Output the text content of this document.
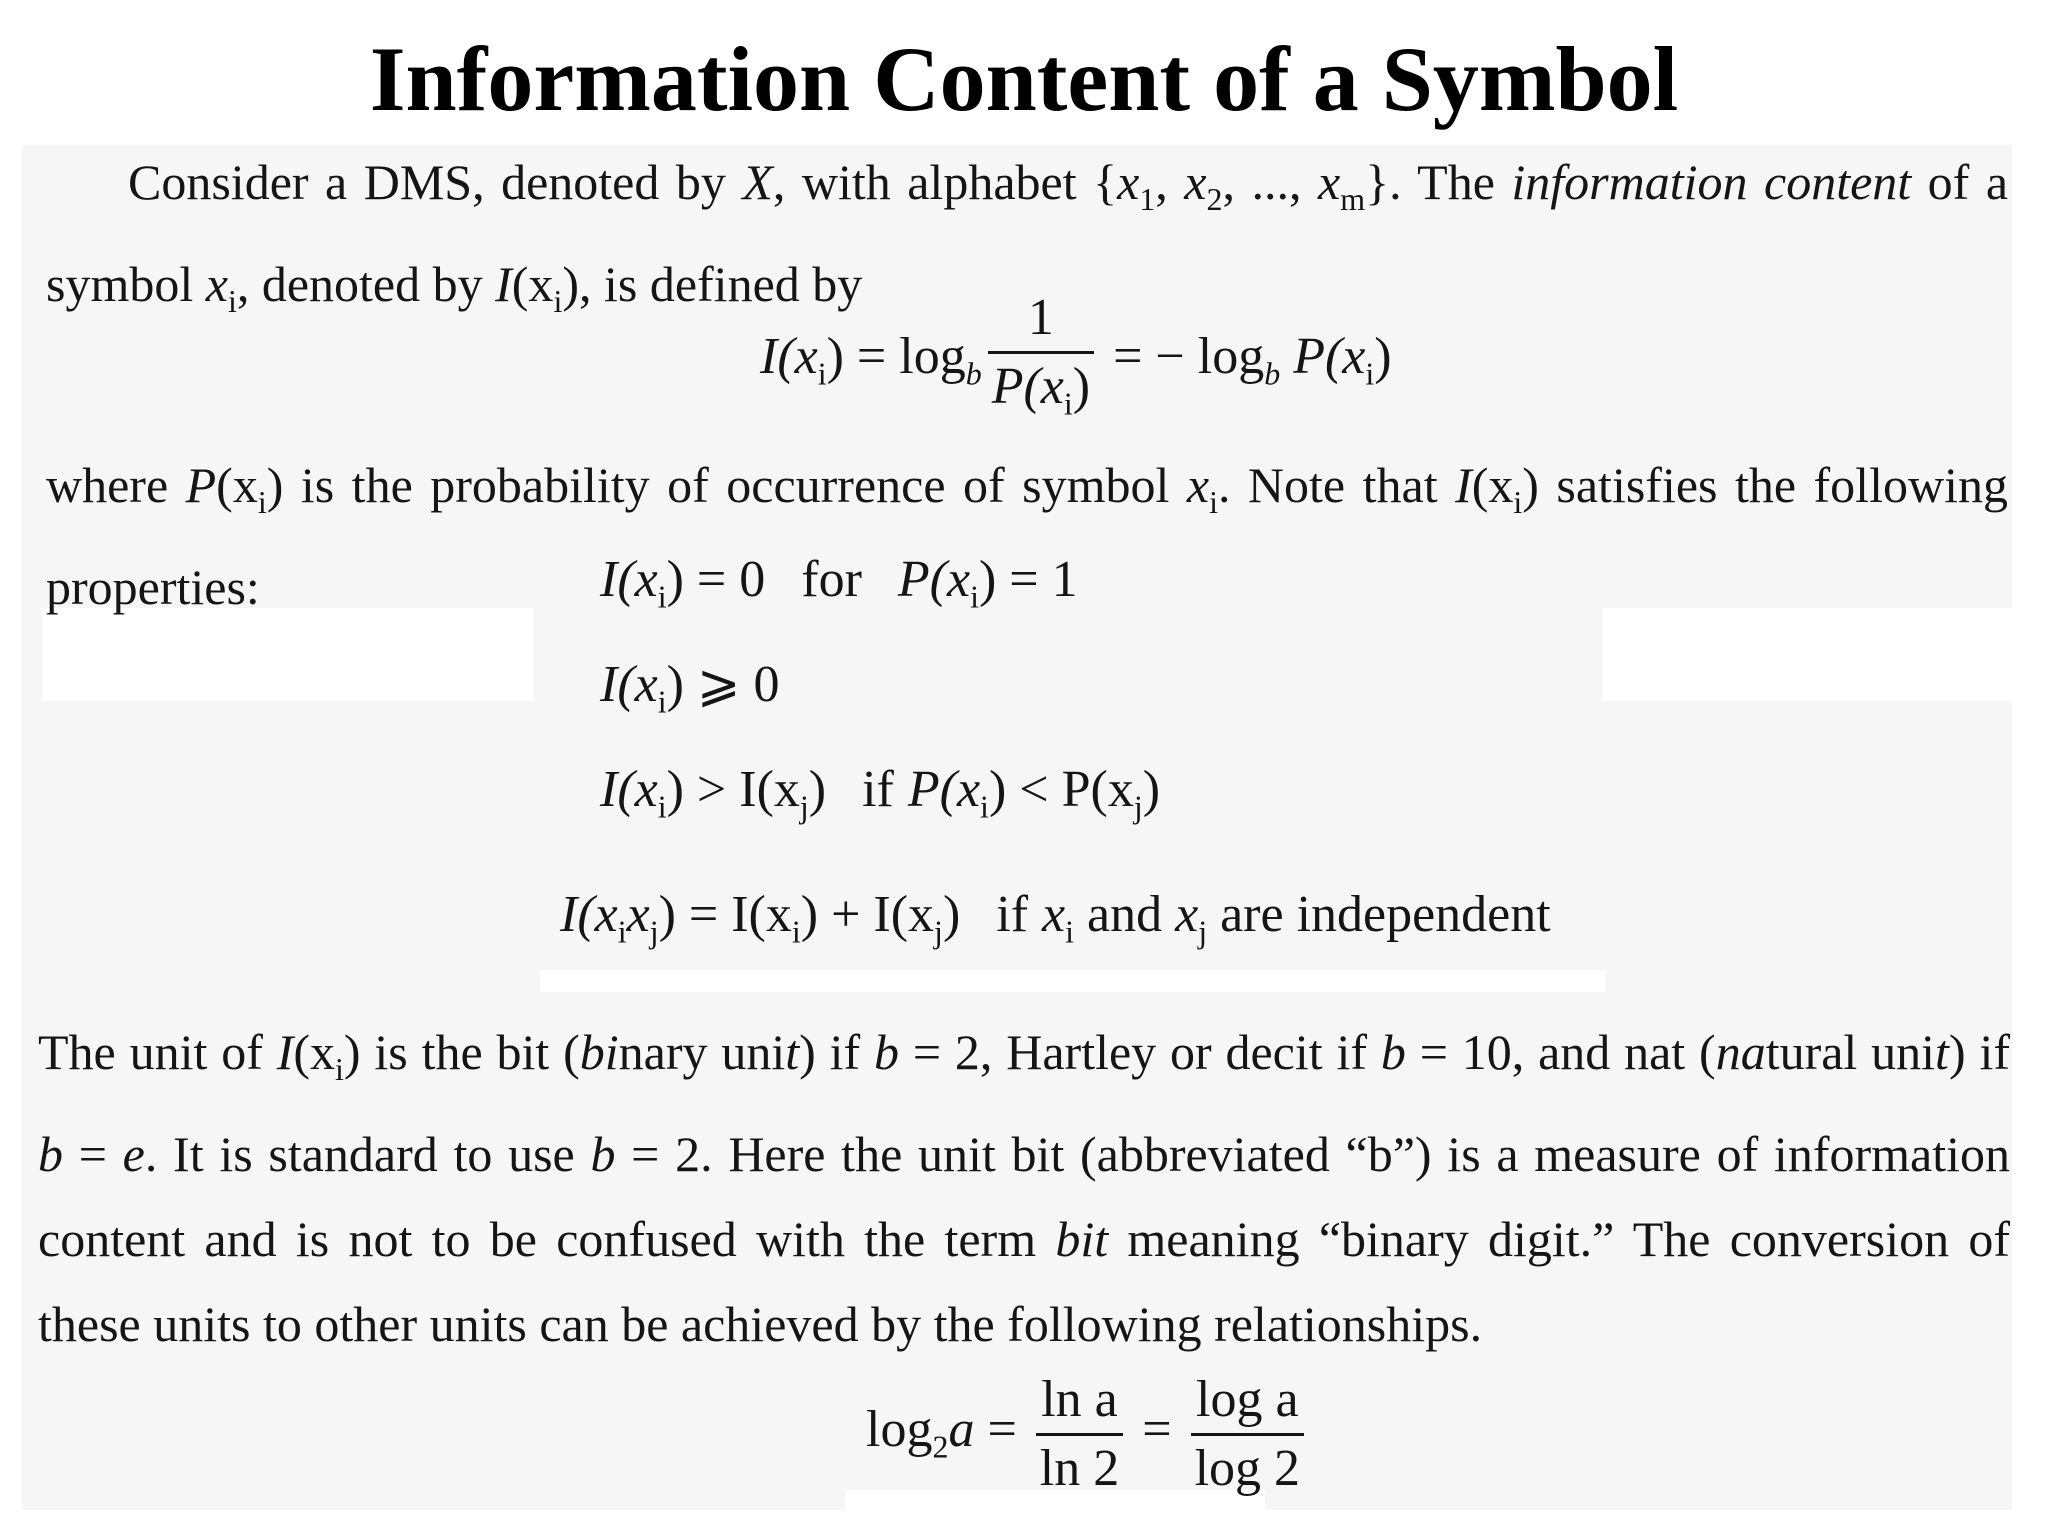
Information Content of a Symbol
Consider a DMS, denoted by X, with alphabet {$x_1$, $x_2$, ..., $x_m$}. The information content of a symbol $x_i$, denoted by $I(x_i)$, is defined by
$I(x_i) = \log_b \frac{1}{P(x_i)}$ = − $\log_b P(x_i)$
where $P(x_i)$ is the probability of occurrence of symbol $x_i$. Note that $I(x_i)$ satisfies the following properties:	$I(x_i) = 0$ for $P(x_i) = 1$
$I(x_i)$ ⩾ 0
$I(x_i) > I(x_j)$ if $P(x_i) < P(x_j)$
$I(x_ix_j) = I(x_i) + I(x_j)$ if $x_i$ and $x_j$ are independent
The unit of $I(x_i)$ is the bit (binary unit) if b = 2, Hartley or decit if b = 10, and nat (natural unit) if b = e. It is standard to use b = 2. Here the unit bit (abbreviated “b”) is a measure of information content and is not to be confused with the term bit meaning “binary digit.” The conversion of these units to other units can be achieved by the following relationships.
$\log_2a = \frac{\text{ln a}}{\ln 2} = \frac{\text{log a}}{\log 2}$
